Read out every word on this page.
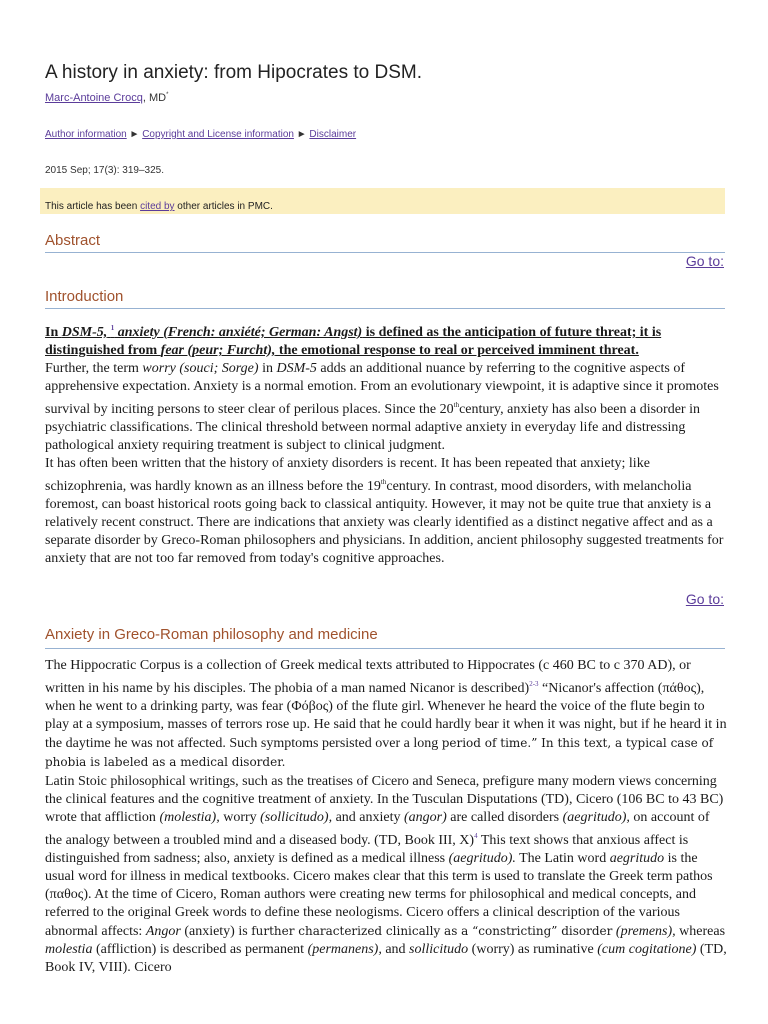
A history in anxiety: from Hipocrates to DSM.
Marc-Antoine Crocq, MD*
Author information ► Copyright and License information ► Disclaimer
2015 Sep; 17(3): 319–325.
This article has been cited by other articles in PMC.
Abstract
Go to:
Introduction

In DSM-5, $^1$ anxiety (French: anxiété; German: Angst) is defined as the anticipation of future threat; it is distinguished from fear (peur; Furcht), the emotional response to real or perceived imminent threat.
Further, the term worry (souci; Sorge) in DSM-5 adds an additional nuance by referring to the cognitive aspects of apprehensive expectation. Anxiety is a normal emotion. From an evolutionary viewpoint, it is adaptive since it promotes survival by inciting persons to steer clear of perilous places. Since the 20thcentury, anxiety has also been a disorder in psychiatric classifications. The clinical threshold between normal adaptive anxiety in everyday life and distressing pathological anxiety requiring treatment is subject to clinical judgment.

It has often been written that the history of anxiety disorders is recent. It has been repeated that anxiety; like schizophrenia, was hardly known as an illness before the 19thcentury. In contrast, mood disorders, with melancholia foremost, can boast historical roots going back to classical antiquity. However, it may not be quite true that anxiety is a relatively recent construct. There are indications that anxiety was clearly identified as a distinct negative affect and as a separate disorder by Greco-Roman philosophers and physicians. In addition, ancient philosophy suggested treatments for anxiety that are not too far removed from today's cognitive approaches.

Go to:
Anxiety in Greco-Roman philosophy and medicine

The Hippocratic Corpus is a collection of Greek medical texts attributed to Hippocrates (c 460 BC to c 370 AD), or written in his name by his disciples. The phobia of a man named Nicanor is described)$^{2-3}$ “Nicanor's affection (πάθος), when he went to a drinking party, was fear (Φόβος) of the flute girl. Whenever he heard the voice of the flute begin to play at a symposium, masses of terrors rose up. He said that he could hardly bear it when it was night, but if he heard it in the daytime he was not affected. Such symptoms persisted over a long period of time.” In this text, a typical case of phobia is labeled as a medical disorder.

Latin Stoic philosophical writings, such as the treatises of Cicero and Seneca, prefigure many modern views concerning the clinical features and the cognitive treatment of anxiety. In the Tusculan Disputations (TD), Cicero (106 BC to 43 BC) wrote that affliction (molestia), worry (sollicitudo), and anxiety (angor) are called disorders (aegritudo), on account of the analogy between a troubled mind and a diseased body. (TD, Book III, X)$^4$ This text shows that anxious affect is distinguished from sadness; also, anxiety is defined as a medical illness (aegritudo). The Latin word aegritudo is the usual word for illness in medical textbooks. Cicero makes clear that this term is used to translate the Greek term pathos (παθος). At the time of Cicero, Roman authors were creating new terms for philosophical and medical concepts, and referred to the original Greek words to define these neologisms. Cicero offers a clinical description of the various abnormal affects: Angor (anxiety) is further characterized clinically as a “constricting” disorder (premens), whereas molestia (affliction) is described as permanent (permanens), and sollicitudo (worry) as ruminative (cum cogitatione) (TD, Book IV, VIII). Cicero
